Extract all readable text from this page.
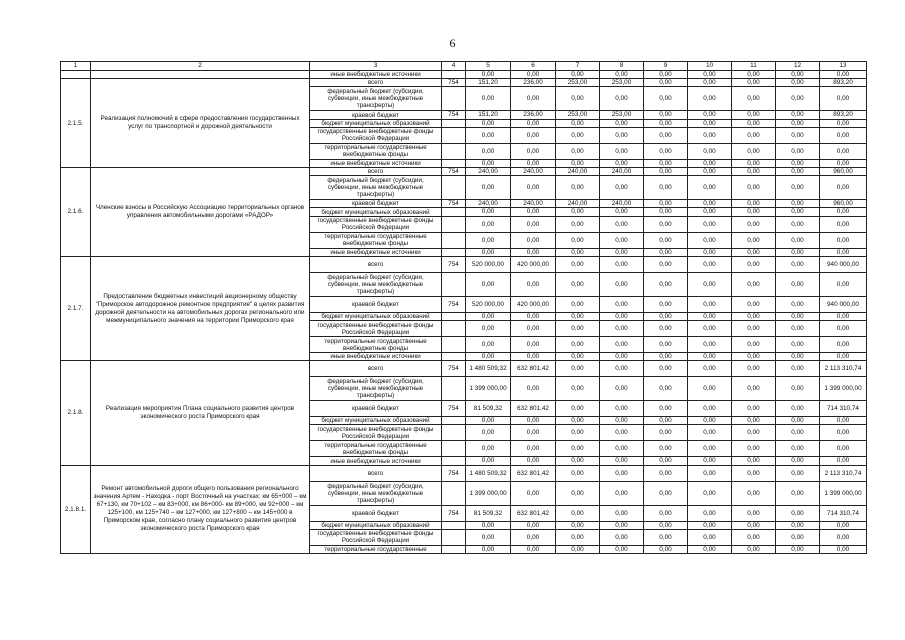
6
1	2	3	4	5	6	7	8	9	10	11	12	13
		иные внебюджетные источники		0,00	0,00	0,00	0,00	0,00	0,00	0,00	0,00	0,00
2.1.5.	Реализация полномочий в сфере предоставления государственных услуг по транспортной и дорожной деятельности	всего	754	151,20	236,00	253,00	253,00	0,00	0,00	0,00	0,00	893,20
		федеральный бюджет (субсидии, субвенции, иные межбюджетные трансферты)		0,00	0,00	0,00	0,00	0,00	0,00	0,00	0,00	0,00
		краевой бюджет	754	151,20	236,00	253,00	253,00	0,00	0,00	0,00	0,00	893,20
		бюджет муниципальных образований		0,00	0,00	0,00	0,00	0,00	0,00	0,00	0,00	0,00
		государственные внебюджетные фонды Российской Федерации		0,00	0,00	0,00	0,00	0,00	0,00	0,00	0,00	0,00
		территориальные государственные внебюджетные фонды		0,00	0,00	0,00	0,00	0,00	0,00	0,00	0,00	0,00
		иные внебюджетные источники		0,00	0,00	0,00	0,00	0,00	0,00	0,00	0,00	0,00
2.1.6.	Членские взносы в Российскую Ассоциацию территориальных органов управления автомобильными дорогами «РАДОР»	всего	754	240,00	240,00	240,00	240,00	0,00	0,00	0,00	0,00	960,00
		федеральный бюджет (субсидии, субвенции, иные межбюджетные трансферты)		0,00	0,00	0,00	0,00	0,00	0,00	0,00	0,00	0,00
		краевой бюджет	754	240,00	240,00	240,00	240,00	0,00	0,00	0,00	0,00	960,00
		бюджет муниципальных образований		0,00	0,00	0,00	0,00	0,00	0,00	0,00	0,00	0,00
		государственные внебюджетные фонды Российской Федерации		0,00	0,00	0,00	0,00	0,00	0,00	0,00	0,00	0,00
		территориальные государственные внебюджетные фонды		0,00	0,00	0,00	0,00	0,00	0,00	0,00	0,00	0,00
		иные внебюджетные источники		0,00	0,00	0,00	0,00	0,00	0,00	0,00	0,00	0,00
2.1.7.	Предоставление бюджетных инвестиций акционерному обществу "Приморское автодорожное ремонтное предприятие" в целях развития дорожной деятельности на автомобильных дорогах регионального или межмуниципального значения на территории Приморского края	всего	754	520 000,00	420 000,00	0,00	0,00	0,00	0,00	0,00	0,00	940 000,00
		федеральный бюджет (субсидии, субвенции, иные межбюджетные трансферты)		0,00	0,00	0,00	0,00	0,00	0,00	0,00	0,00	0,00
		краевой бюджет	754	520 000,00	420 000,00	0,00	0,00	0,00	0,00	0,00	0,00	940 000,00
		бюджет муниципальных образований		0,00	0,00	0,00	0,00	0,00	0,00	0,00	0,00	0,00
		государственные внебюджетные фонды Российской Федерации		0,00	0,00	0,00	0,00	0,00	0,00	0,00	0,00	0,00
		территориальные государственные внебюджетные фонды		0,00	0,00	0,00	0,00	0,00	0,00	0,00	0,00	0,00
		иные внебюджетные источники		0,00	0,00	0,00	0,00	0,00	0,00	0,00	0,00	0,00
2.1.8.	Реализация мероприятия Плана социального развития центров экономического роста Приморского края	всего	754	1 480 509,32	632 801,42	0,00	0,00	0,00	0,00	0,00	0,00	2 113 310,74
		федеральный бюджет (субсидии, субвенции, иные межбюджетные трансферты)		1 399 000,00	0,00	0,00	0,00	0,00	0,00	0,00	0,00	1 399 000,00
		краевой бюджет	754	81 509,32	632 801,42	0,00	0,00	0,00	0,00	0,00	0,00	714 310,74
		бюджет муниципальных образований		0,00	0,00	0,00	0,00	0,00	0,00	0,00	0,00	0,00
		государственные внебюджетные фонды Российской Федерации		0,00	0,00	0,00	0,00	0,00	0,00	0,00	0,00	0,00
		территориальные государственные внебюджетные фонды		0,00	0,00	0,00	0,00	0,00	0,00	0,00	0,00	0,00
		иные внебюджетные источники		0,00	0,00	0,00	0,00	0,00	0,00	0,00	0,00	0,00
2.1.8.1.	Ремонт автомобильной дороги общего пользования регионального значения Артем - Находка - порт Восточный на участках: км 65+000 – км 67+130, км 70+102 – км 83+000, км 86+000- км 89+000, км 92+000 – км 125+100, км 125+740 – км 127+000, км 127+800 – км 145+000 в Приморском крае, согласно плану социального развития центров экономического роста Приморского края	всего	754	1 480 509,32	632 801,42	0,00	0,00	0,00	0,00	0,00	0,00	2 113 310,74
		федеральный бюджет (субсидии, субвенции, иные межбюджетные трансферты)		1 399 000,00	0,00	0,00	0,00	0,00	0,00	0,00	0,00	1 399 000,00
		краевой бюджет	754	81 509,32	632 801,42	0,00	0,00	0,00	0,00	0,00	0,00	714 310,74
		бюджет муниципальных образований		0,00	0,00	0,00	0,00	0,00	0,00	0,00	0,00	0,00
		государственные внебюджетные фонды Российской Федерации		0,00	0,00	0,00	0,00	0,00	0,00	0,00	0,00	0,00
		территориальные государственные		0,00	0,00	0,00	0,00	0,00	0,00	0,00	0,00	0,00
